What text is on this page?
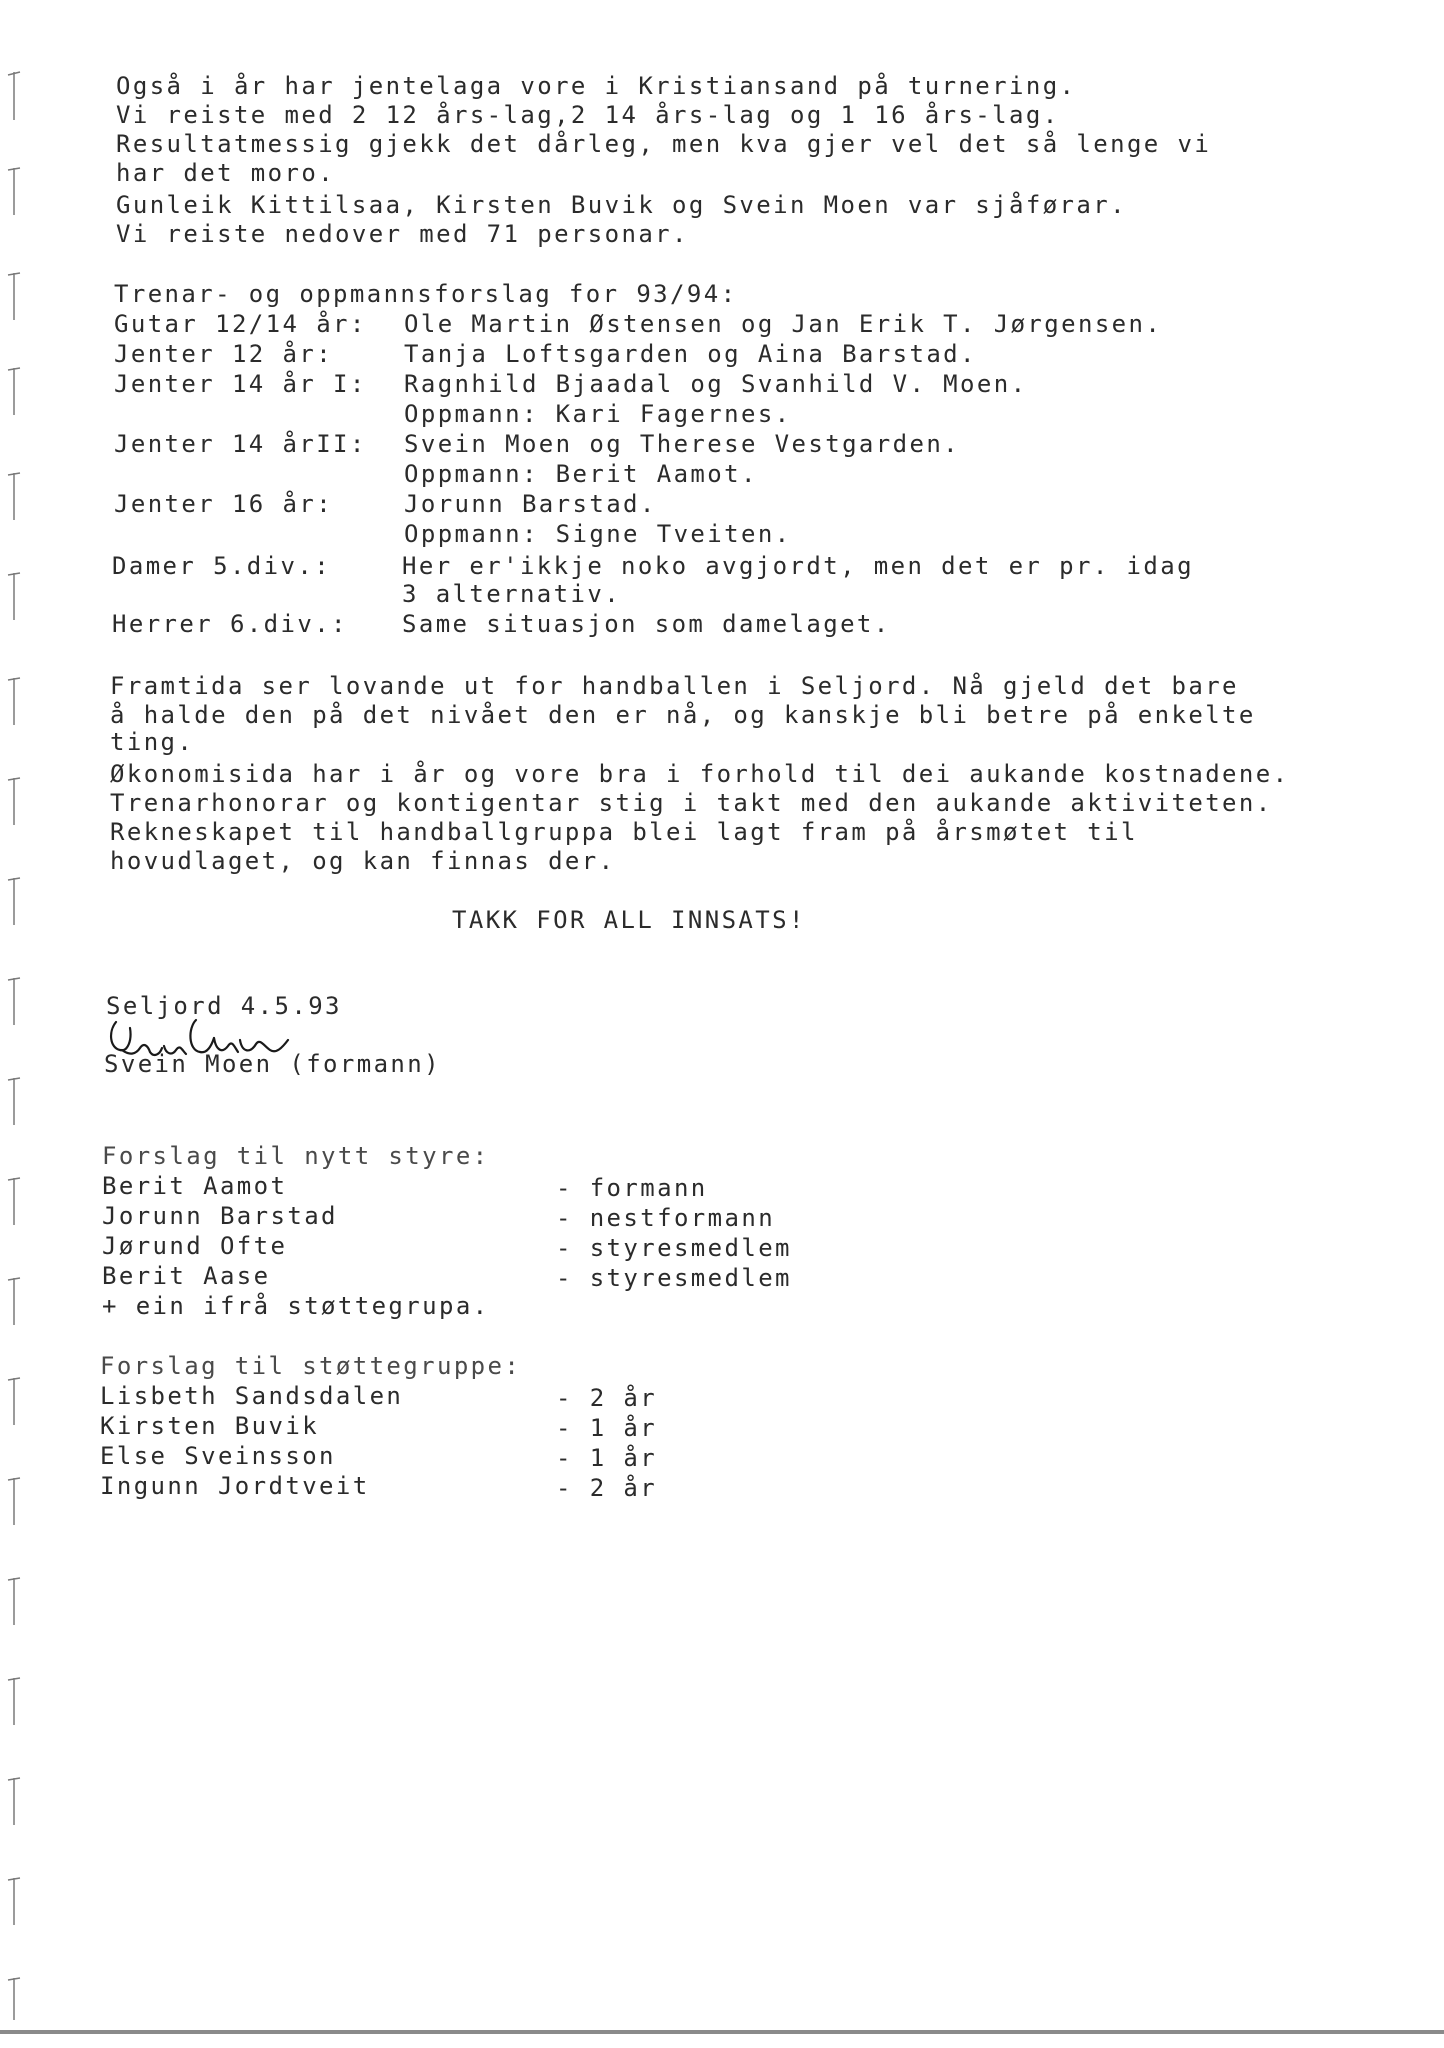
Også i år har jentelaga vore i Kristiansand på turnering.
Vi reiste med 2 12 års-lag,2 14 års-lag og 1 16 års-lag.
Resultatmessig gjekk det dårleg, men kva gjer vel det så lenge vi
har det moro.
Gunleik Kittilsaa, Kirsten Buvik og Svein Moen var sjåførar.
Vi reiste nedover med 71 personar.
Trenar- og oppmannsforslag for 93/94:
Gutar 12/14 år: Ole Martin Østensen og Jan Erik T. Jørgensen.
Jenter 12 år:	Tanja Loftsgarden og Aina Barstad.
Jenter 14 år I: Ragnhild Bjaadal og Svanhild V. Moen.
Oppmann: Kari Fagernes.
Jenter 14 årII: Svein Moen og Therese Vestgarden.
Oppmann: Berit Aamot.
Jenter 16 år:	Jorunn Barstad.
Oppmann: Signe Tveiten.
Damer 5.div.:	Her er'ikkje noko avgjordt, men det er pr. idag
3 alternativ.
Herrer 6.div.: Same situasjon som damelaget.
Framtida ser lovande ut for handballen i Seljord. Nå gjeld det bare
å halde den på det nivået den er nå, og kanskje bli betre på enkelte
ting.
Økonomisida har i år og vore bra i forhold til dei aukande kostnadene.
Trenarhonorar og kontigentar stig i takt med den aukande aktiviteten.
Rekneskapet til handballgruppa blei lagt fram på årsmøtet til
hovudlaget, og kan finnas der.
TAKK FOR ALL INNSATS!
Seljord 4.5.93
Svein Moen (formann)
Forslag til nytt styre:
Berit Aamot	- formann
Jorunn Barstad	- nestformann
Jørund Ofte	- styresmedlem
Berit Aase	- styresmedlem
+ ein ifrå støttegrupa.
Forslag til støttegruppe:
Lisbeth Sandsdalen	- 2 år
Kirsten Buvik	- 1 år
Else Sveinsson	- 1 år
Ingunn Jordtveit	- 2 år
